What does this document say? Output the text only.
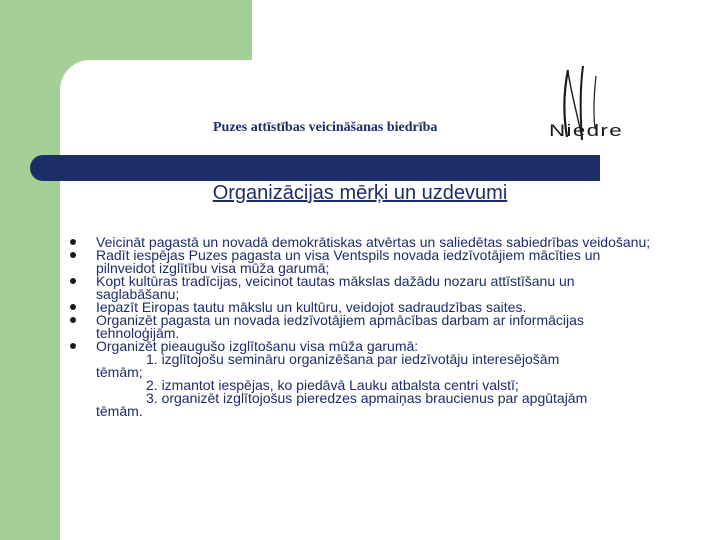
Puzes attīstības veicināšanas biedrība	Niedre
Organizācijas mērķi un uzdevumi
Veicināt pagastā un novadā demokrātiskas atvērtas un saliedētas sabiedrības veidošanu;
Radīt iespējas Puzes pagasta un visa Ventspils novada iedzīvotājiem mācīties un pilnveidot izglītību visa mūža garumā;
Kopt kultūras tradīcijas, veicinot tautas mākslas dažādu nozaru attīstīšanu un saglabāšanu;
Iepazīt Eiropas tautu mākslu un kultūru, veidojot sadraudzības saites.
Organizēt pagasta un novada iedzīvotājiem apmācības darbam ar informācijas tehnoloģijām.
Organizēt pieaugušo izglītošanu visa mūža garumā:
1. izglītojošu semināru organizēšana par iedzīvotāju interesējošām
tēmām;
2. izmantot iespējas, ko piedāvā Lauku atbalsta centri valstī;
3. organizēt izglītojošus pieredzes apmaiņas braucienus par apgūtajām
tēmām.
